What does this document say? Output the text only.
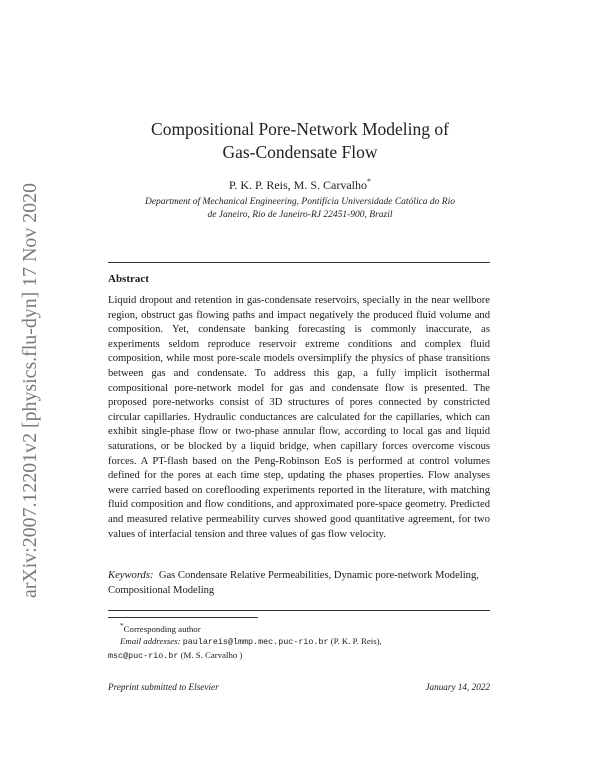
arXiv:2007.12201v2 [physics.flu-dyn] 17 Nov 2020
Compositional Pore-Network Modeling of
Gas-Condensate Flow
P. K. P. Reis, M. S. Carvalho*
Department of Mechanical Engineering, Pontifícia Universidade Católica do Rio de Janeiro, Rio de Janeiro-RJ 22451-900, Brazil
Abstract
Liquid dropout and retention in gas-condensate reservoirs, specially in the near wellbore region, obstruct gas flowing paths and impact negatively the produced fluid volume and composition. Yet, condensate banking forecasting is commonly inaccurate, as experiments seldom reproduce reservoir extreme conditions and complex fluid composition, while most pore-scale models oversimplify the physics of phase transitions between gas and condensate. To address this gap, a fully implicit isothermal compositional pore-network model for gas and condensate flow is presented. The proposed pore-networks consist of 3D structures of pores connected by constricted circular capillaries. Hydraulic conductances are calculated for the capillaries, which can exhibit single-phase flow or two-phase annular flow, according to local gas and liquid saturations, or be blocked by a liquid bridge, when capillary forces overcome viscous forces. A PT-flash based on the Peng-Robinson EoS is performed at control volumes defined for the pores at each time step, updating the phases properties. Flow analyses were carried based on coreflooding experiments reported in the literature, with matching fluid composition and flow conditions, and approximated pore-space geometry. Predicted and measured relative permeability curves showed good quantitative agreement, for two values of interfacial tension and three values of gas flow velocity.
Keywords: Gas Condensate Relative Permeabilities, Dynamic pore-network Modeling, Compositional Modeling
*Corresponding author
Email addresses: paulareis@lmmp.mec.puc-rio.br (P. K. P. Reis),
msc@puc-rio.br (M. S. Carvalho )
Preprint submitted to Elsevier	January 14, 2022
